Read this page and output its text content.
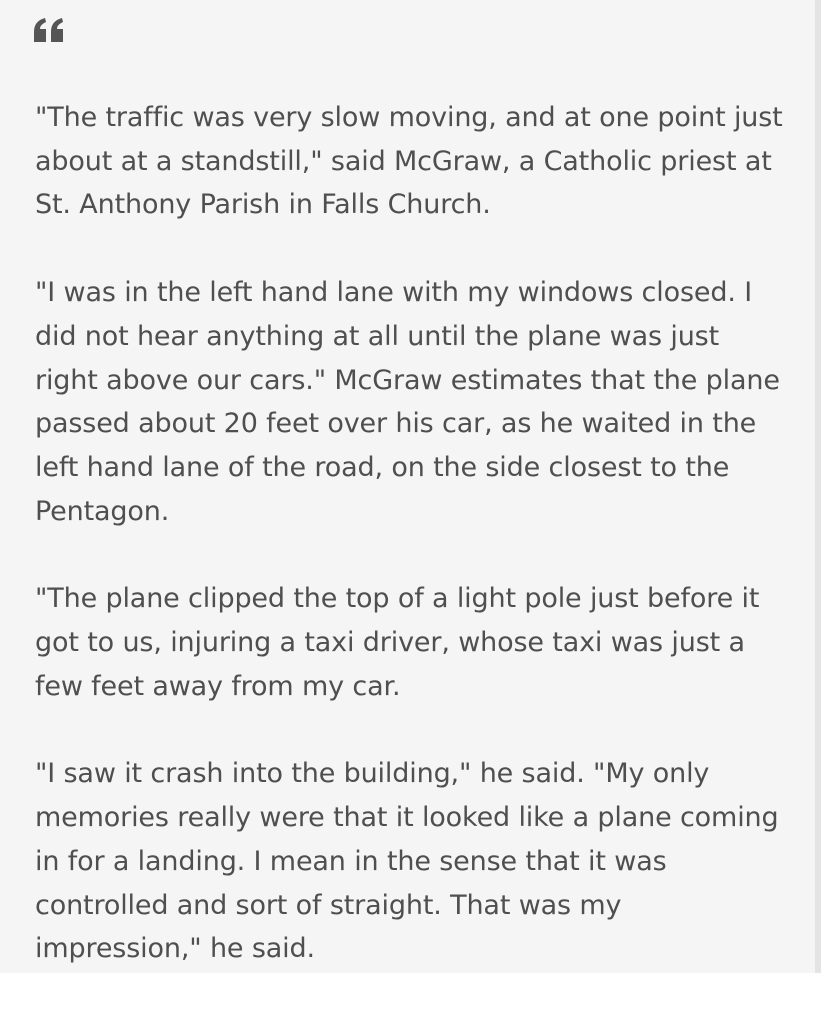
"The traffic was very slow moving, and at one point just
about at a standstill," said McGraw, a Catholic priest at
St. Anthony Parish in Falls Church.

"I was in the left hand lane with my windows closed. I
did not hear anything at all until the plane was just
right above our cars." McGraw estimates that the plane
passed about 20 feet over his car, as he waited in the
left hand lane of the road, on the side closest to the
Pentagon.

"The plane clipped the top of a light pole just before it
got to us, injuring a taxi driver, whose taxi was just a
few feet away from my car.

"I saw it crash into the building," he said. "My only
memories really were that it looked like a plane coming
in for a landing. I mean in the sense that it was
controlled and sort of straight. That was my
impression," he said.
